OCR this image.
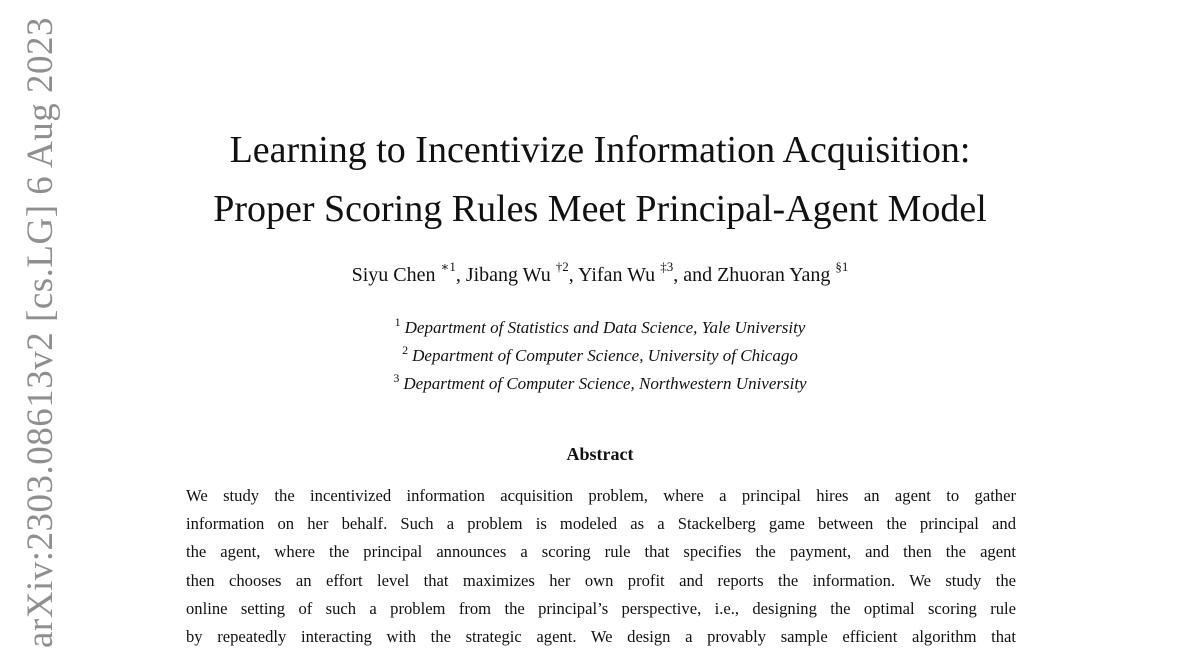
arXiv:2303.08613v2 [cs.LG] 6 Aug 2023	Learning to Incentivize Information Acquisition:
Proper Scoring Rules Meet Principal-Agent Model
Siyu Chen $^{∗1}$, Jibang Wu $^{\dagger 2}$, Yifan Wu $^{\ddagger 3}$, and Zhuoran Yang $^{\S 1}$
$^1$ Department of Statistics and Data Science, Yale University
$^2$ Department of Computer Science, University of Chicago
$^3$ Department of Computer Science, Northwestern University
Abstract
We study the incentivized information acquisition problem, where a principal hires an agent to gather
information on her behalf. Such a problem is modeled as a Stackelberg game between the principal and
the agent, where the principal announces a scoring rule that specifies the payment, and then the agent
then chooses an effort level that maximizes her own profit and reports the information. We study the
online setting of such a problem from the principal’s perspective, i.e., designing the optimal scoring rule
by repeatedly interacting with the strategic agent. We design a provably sample efficient algorithm that
